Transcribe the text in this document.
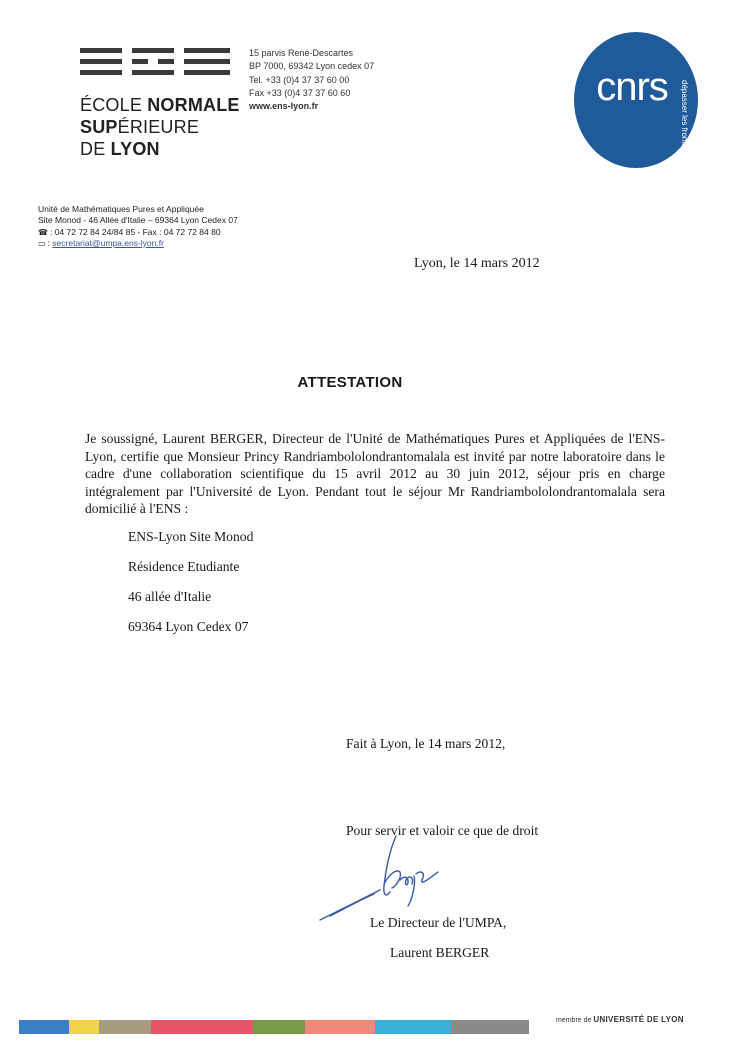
ÉCOLE NORMALE
SUPÉRIEURE
DE LYON
15 parvis René-Descartes
BP 7000, 69342 Lyon cedex 07
Tel. +33 (0)4 37 37 60 00
Fax +33 (0)4 37 37 60 60
www.ens-lyon.fr	cnrs dépasser les frontières
Unité de Mathématiques Pures et Appliquée
Site Monod - 46 Allée d'Italie – 69364 Lyon Cedex 07
☎ : 04 72 72 84 24/84 85 - Fax : 04 72 72 84 80
▭ : secretariat@umpa.ens-lyon.fr
Lyon, le 14 mars 2012
ATTESTATION
Je soussigné, Laurent BERGER, Directeur de l'Unité de Mathématiques Pures et Appliquées de l'ENS-Lyon, certifie que Monsieur Princy Randriambololondrantomalala est invité par notre laboratoire dans le cadre d'une collaboration scientifique du 15 avril 2012 au 30 juin 2012, séjour pris en charge intégralement par l'Université de Lyon. Pendant tout le séjour Mr Randriambololondrantomalala sera domicilié à l'ENS :
ENS-Lyon Site Monod
Résidence Etudiante
46 allée d'Italie
69364 Lyon Cedex 07
Fait à Lyon, le 14 mars 2012,
Pour servir et valoir ce que de droit
Le Directeur de l'UMPA,
Laurent BERGER
membre de UNIVERSITÉ DE LYON
